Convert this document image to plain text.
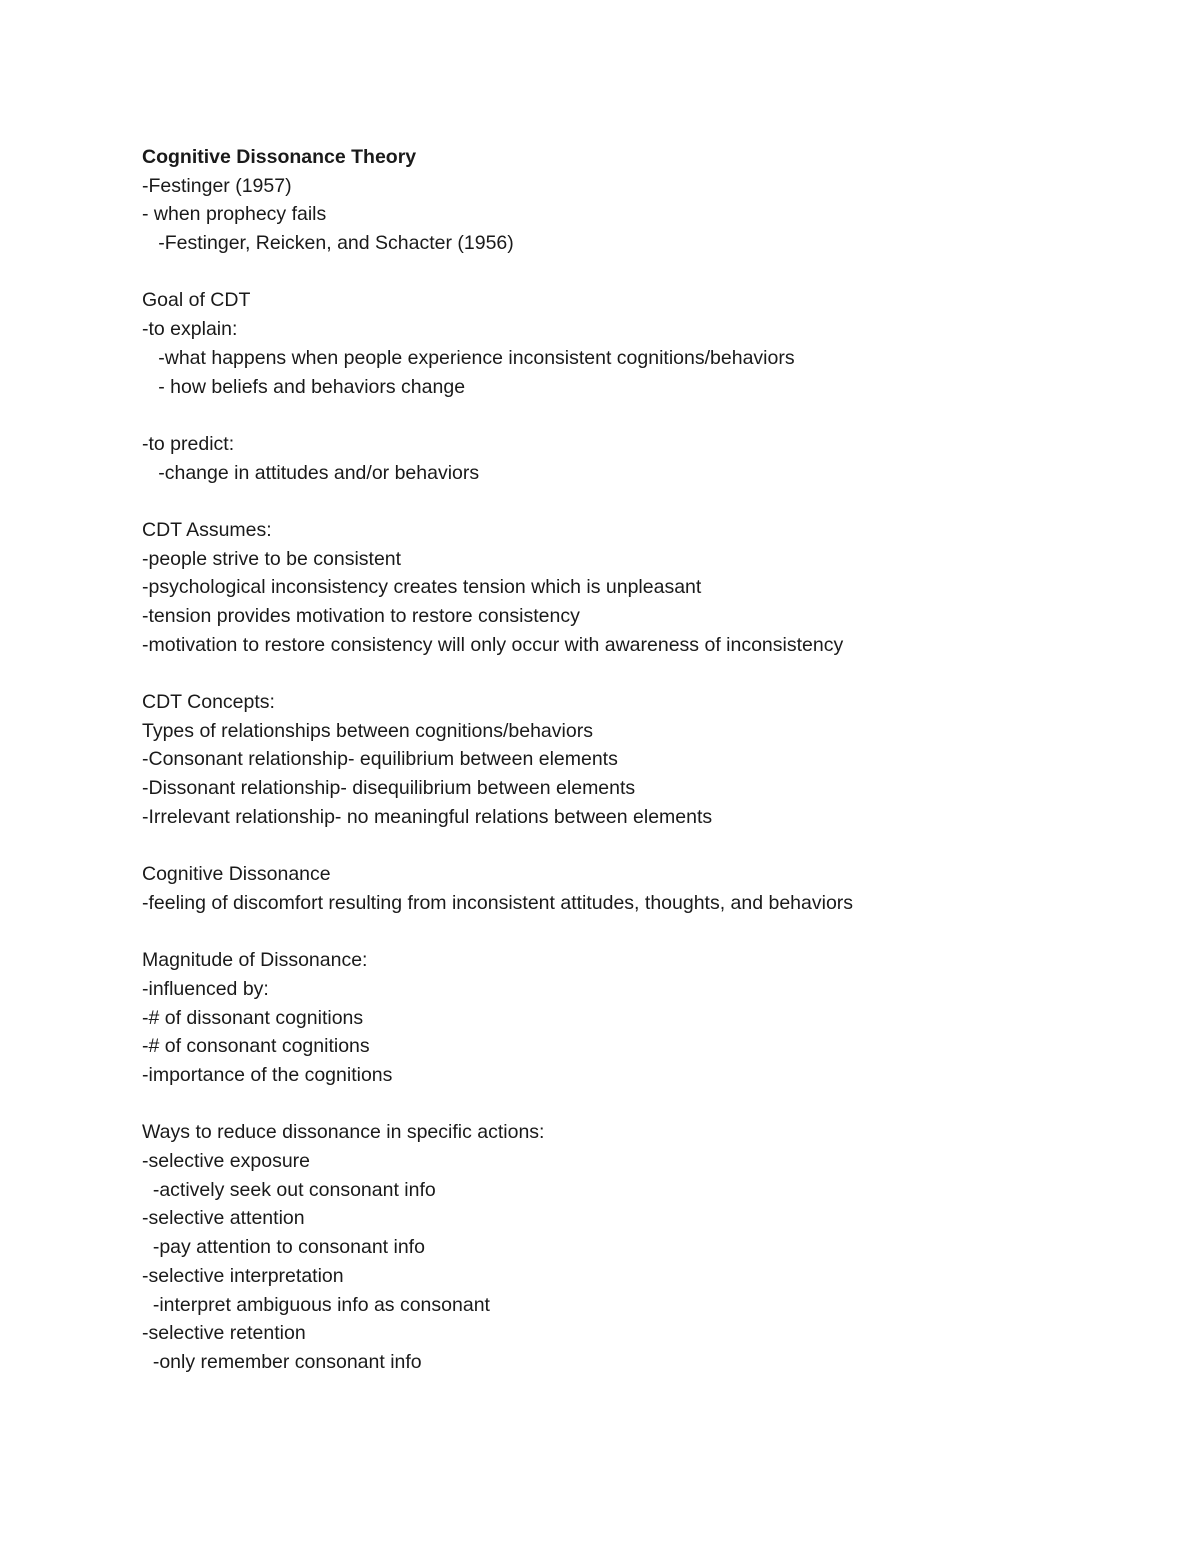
Cognitive Dissonance Theory
-Festinger (1957)
- when prophecy fails
-Festinger, Reicken, and Schacter (1956)
Goal of CDT
-to explain:
-what happens when people experience inconsistent cognitions/behaviors
- how beliefs and behaviors change
-to predict:
-change in attitudes and/or behaviors
CDT Assumes:
-people strive to be consistent
-psychological inconsistency creates tension which is unpleasant
-tension provides motivation to restore consistency
-motivation to restore consistency will only occur with awareness of inconsistency
CDT Concepts:
Types of relationships between cognitions/behaviors
-Consonant relationship- equilibrium between elements
-Dissonant relationship- disequilibrium between elements
-Irrelevant relationship- no meaningful relations between elements
Cognitive Dissonance
-feeling of discomfort resulting from inconsistent attitudes, thoughts, and behaviors
Magnitude of Dissonance:
-influenced by:
-# of dissonant cognitions
-# of consonant cognitions
-importance of the cognitions
Ways to reduce dissonance in specific actions:
-selective exposure
-actively seek out consonant info
-selective attention
-pay attention to consonant info
-selective interpretation
-interpret ambiguous info as consonant
-selective retention
-only remember consonant info
